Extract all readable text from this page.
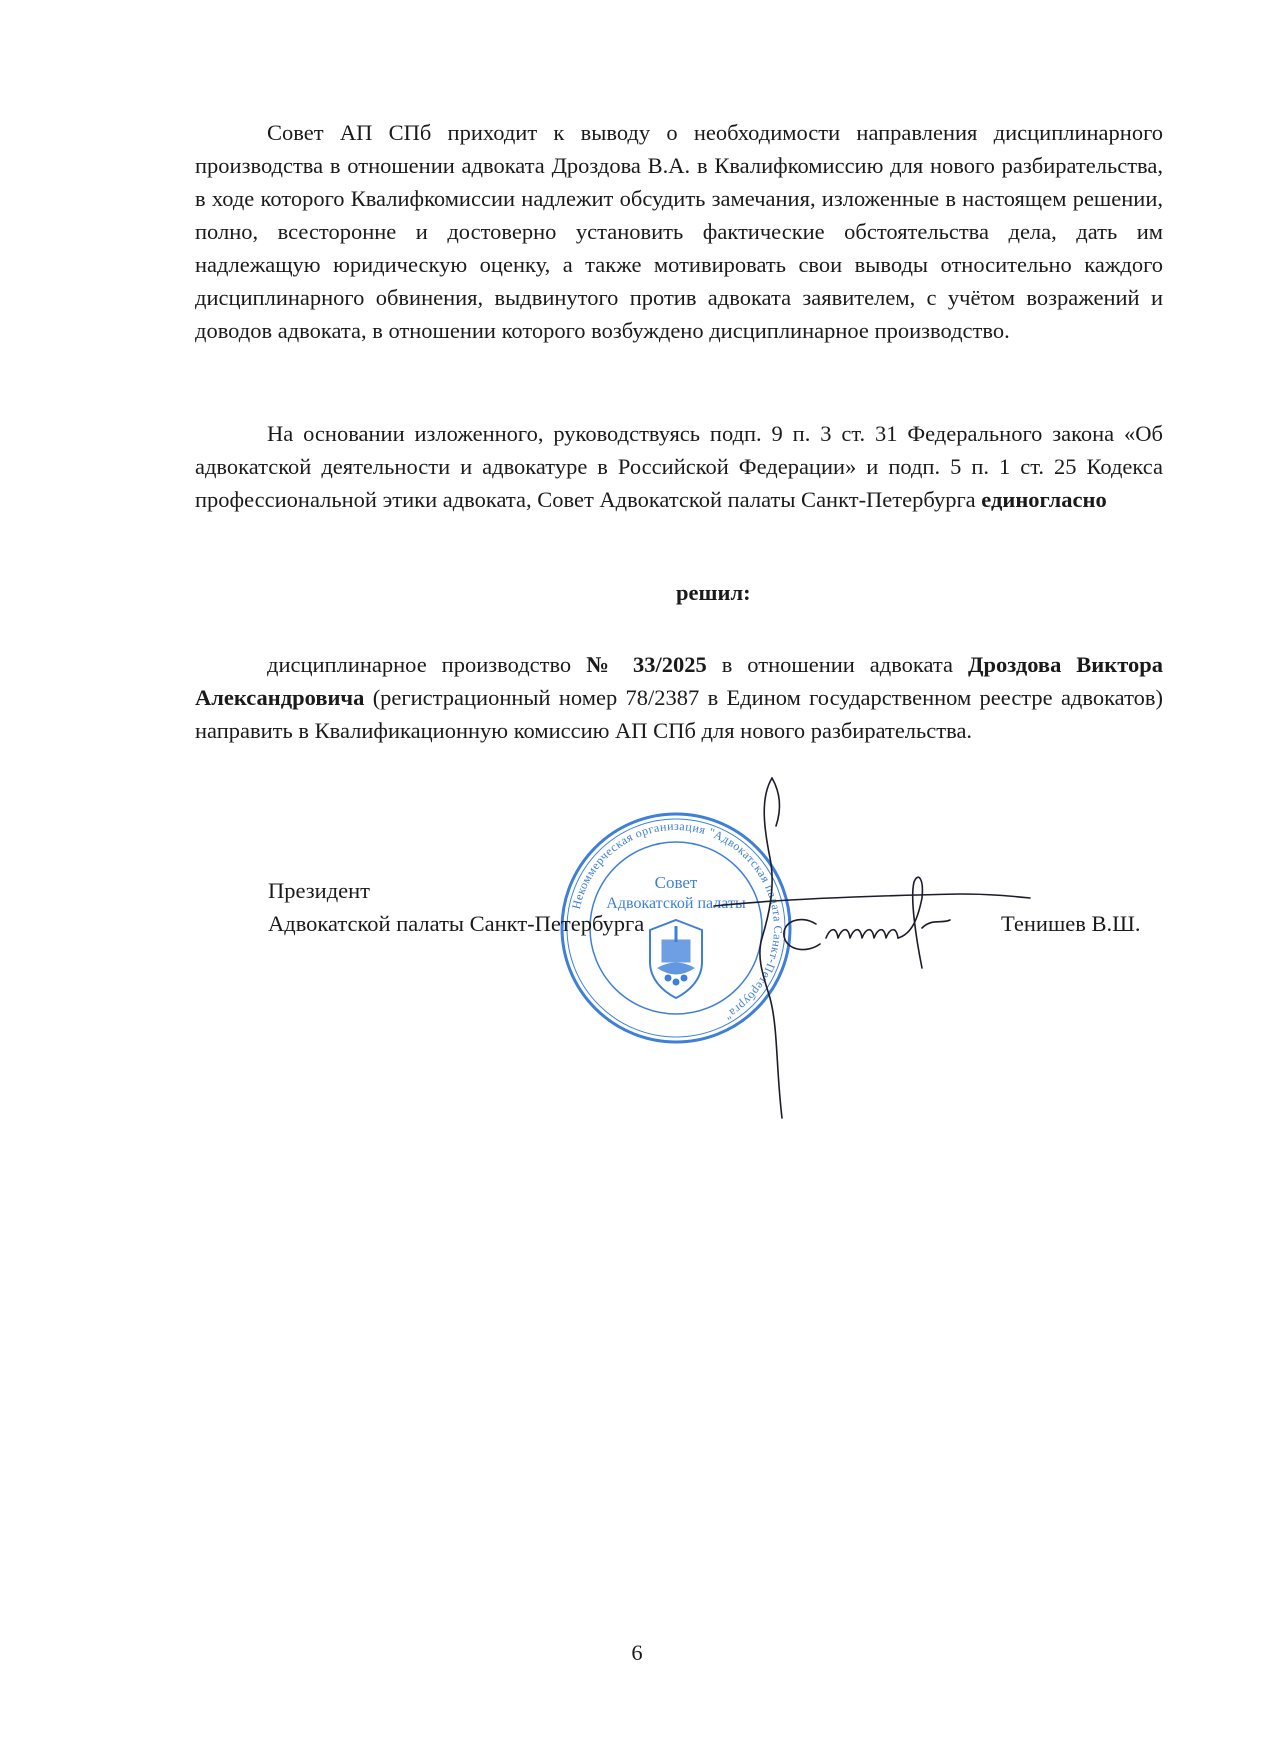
Совет АП СПб приходит к выводу о необходимости направления дисциплинарного производства в отношении адвоката Дроздова В.А. в Квалифкомиссию для нового разбирательства, в ходе которого Квалифкомиссии надлежит обсудить замечания, изложенные в настоящем решении, полно, всесторонне и достоверно установить фактические обстоятельства дела, дать им надлежащую юридическую оценку, а также мотивировать свои выводы относительно каждого дисциплинарного обвинения, выдвинутого против адвоката заявителем, с учётом возражений и доводов адвоката, в отношении которого возбуждено дисциплинарное производство.

На основании изложенного, руководствуясь подп. 9 п. 3 ст. 31 Федерального закона «Об адвокатской деятельности и адвокатуре в Российской Федерации» и подп. 5 п. 1 ст. 25 Кодекса профессиональной этики адвоката, Совет Адвокатской палаты Санкт-Петербурга единогласно

решил:

дисциплинарное производство № 33/2025 в отношении адвоката Дроздова Виктора Александровича (регистрационный номер 78/2387 в Едином государственном реестре адвокатов) направить в Квалификационную комиссию АП СПб для нового разбирательства.

Некоммерческая организация "Адвокатская палата Санкт-Петербурга"
Совет
Адвокатской палаты

Президент

Адвокатской палаты Санкт-Петербурга	Тенишев В.Ш.

6
